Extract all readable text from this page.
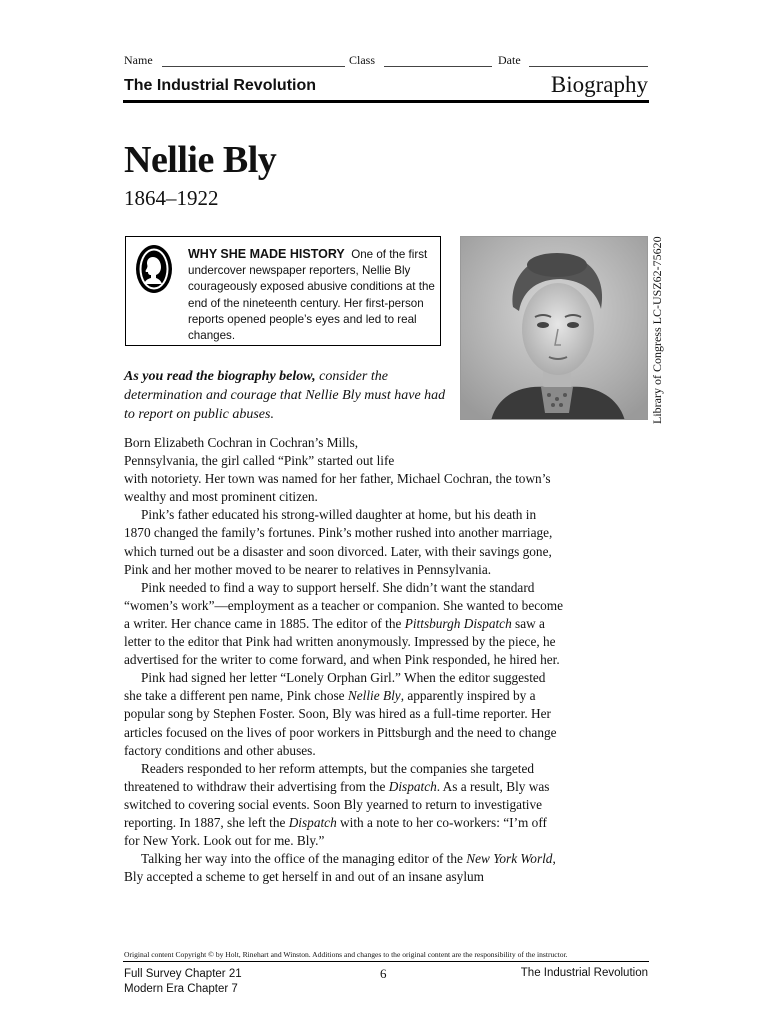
Name	Class	Date
The Industrial Revolution	Biography
Nellie Bly
1864–1922
WHY SHE MADE HISTORY One of the first undercover newspaper reporters, Nellie Bly courageously exposed abusive conditions at the end of the nineteenth century. Her first-person reports opened people’s eyes and led to real changes.	Library of Congress LC-USZ62-75620
As you read the biography below, consider the determination and courage that Nellie Bly must have had to report on public abuses.

Born Elizabeth Cochran in Cochran’s Mills,
Pennsylvania, the girl called “Pink” started out life
with notoriety. Her town was named for her father, Michael Cochran, the town’s wealthy and most prominent citizen.

Pink’s father educated his strong-willed daughter at home, but his death in 1870 changed the family’s fortunes. Pink’s mother rushed into another marriage, which turned out be a disaster and soon divorced. Later, with their savings gone, Pink and her mother moved to be nearer to relatives in Pennsylvania.

Pink needed to find a way to support herself. She didn’t want the standard “women’s work”—employment as a teacher or companion. She wanted to become a writer. Her chance came in 1885. The editor of the Pittsburgh Dispatch saw a letter to the editor that Pink had written anonymously. Impressed by the piece, he advertised for the writer to come forward, and when Pink responded, he hired her.

Pink had signed her letter “Lonely Orphan Girl.” When the editor suggested she take a different pen name, Pink chose Nellie Bly, apparently inspired by a popular song by Stephen Foster. Soon, Bly was hired as a full-time reporter. Her articles focused on the lives of poor workers in Pittsburgh and the need to change factory conditions and other abuses.

Readers responded to her reform attempts, but the companies she targeted threatened to withdraw their advertising from the Dispatch. As a result, Bly was switched to covering social events. Soon Bly yearned to return to investigative reporting. In 1887, she left the Dispatch with a note to her co-workers: “I’m off for New York. Look out for me. Bly.”

Talking her way into the office of the managing editor of the New York World, Bly accepted a scheme to get herself in and out of an insane asylum

Original content Copyright © by Holt, Rinehart and Winston. Additions and changes to the original content are the responsibility of the instructor.
Full Survey Chapter 21
Modern Era Chapter 7
6	The Industrial Revolution
